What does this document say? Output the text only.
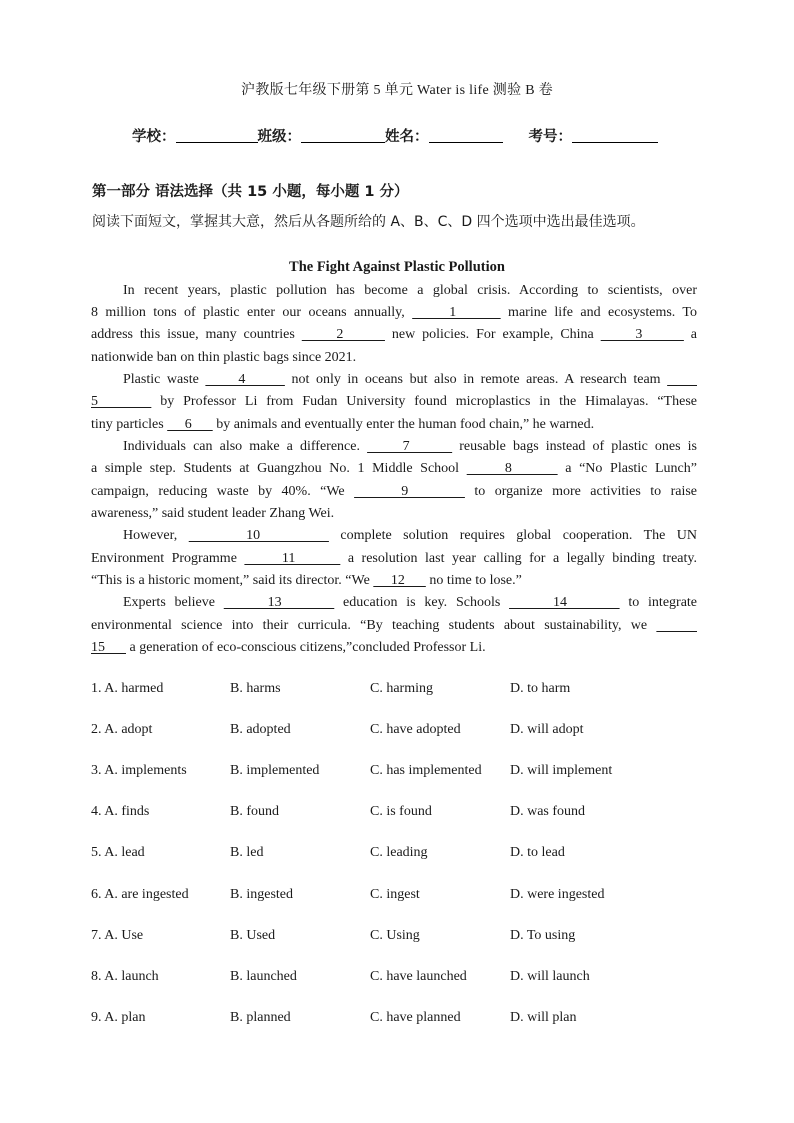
沪教版七年级下册第 5 单元 Water is life 测验 B 卷
学校：	班级：	姓名：	考号：
第一部分 语法选择（共 15 小题，每小题 1 分）
阅读下面短文，掌握其大意，然后从各题所给的 A、B、C、D 四个选项中选出最佳选项。
The Fight Against Plastic Pollution
In recent years, plastic pollution has become a global crisis. According to scientists, over
8 million tons of plastic enter our oceans annually,      1       marine life and ecosystems. To
address this issue, many countries      2       new policies. For example, China      3       a
nationwide ban on thin plastic bags since 2021.
Plastic waste      4       not only in oceans but also in remote areas. A research team
5       by Professor Li from Fudan University found microplastics in the Himalayas. “These
tiny particles      6       by animals and eventually enter the human food chain,” he warned.
Individuals can also make a difference.      7       reusable bags instead of plastic ones is
a simple step. Students at Guangzhou No. 1 Middle School      8       a “No Plastic Lunch”
campaign, reducing waste by 40%. “We      9       to organize more activities to raise
awareness,” said student leader Zhang Wei.
However,      10       complete solution requires global cooperation. The UN
Environment Programme      11       a resolution last year calling for a legally binding treaty.
“This is a historic moment,” said its director. “We      12       no time to lose.”
Experts believe      13       education is key. Schools      14       to integrate
environmental science into their curricula. “By teaching students about sustainability, we
15       a generation of eco-conscious citizens,”concluded Professor Li.
1. A. harmed	B. harms	C. harming	D. to harm
2. A. adopt	B. adopted	C. have adopted	D. will adopt
3. A. implements	B. implemented	C. has implemented D. will implement
4. A. finds	B. found	C. is found	D. was found
5. A. lead	B. led	C. leading	D. to lead
6. A. are ingested	B. ingested	C. ingest	D. were ingested
7. A. Use	B. Used	C. Using	D. To using
8. A. launch	B. launched	C. have launched	D. will launch
9. A. plan	B. planned	C. have planned	D. will plan
